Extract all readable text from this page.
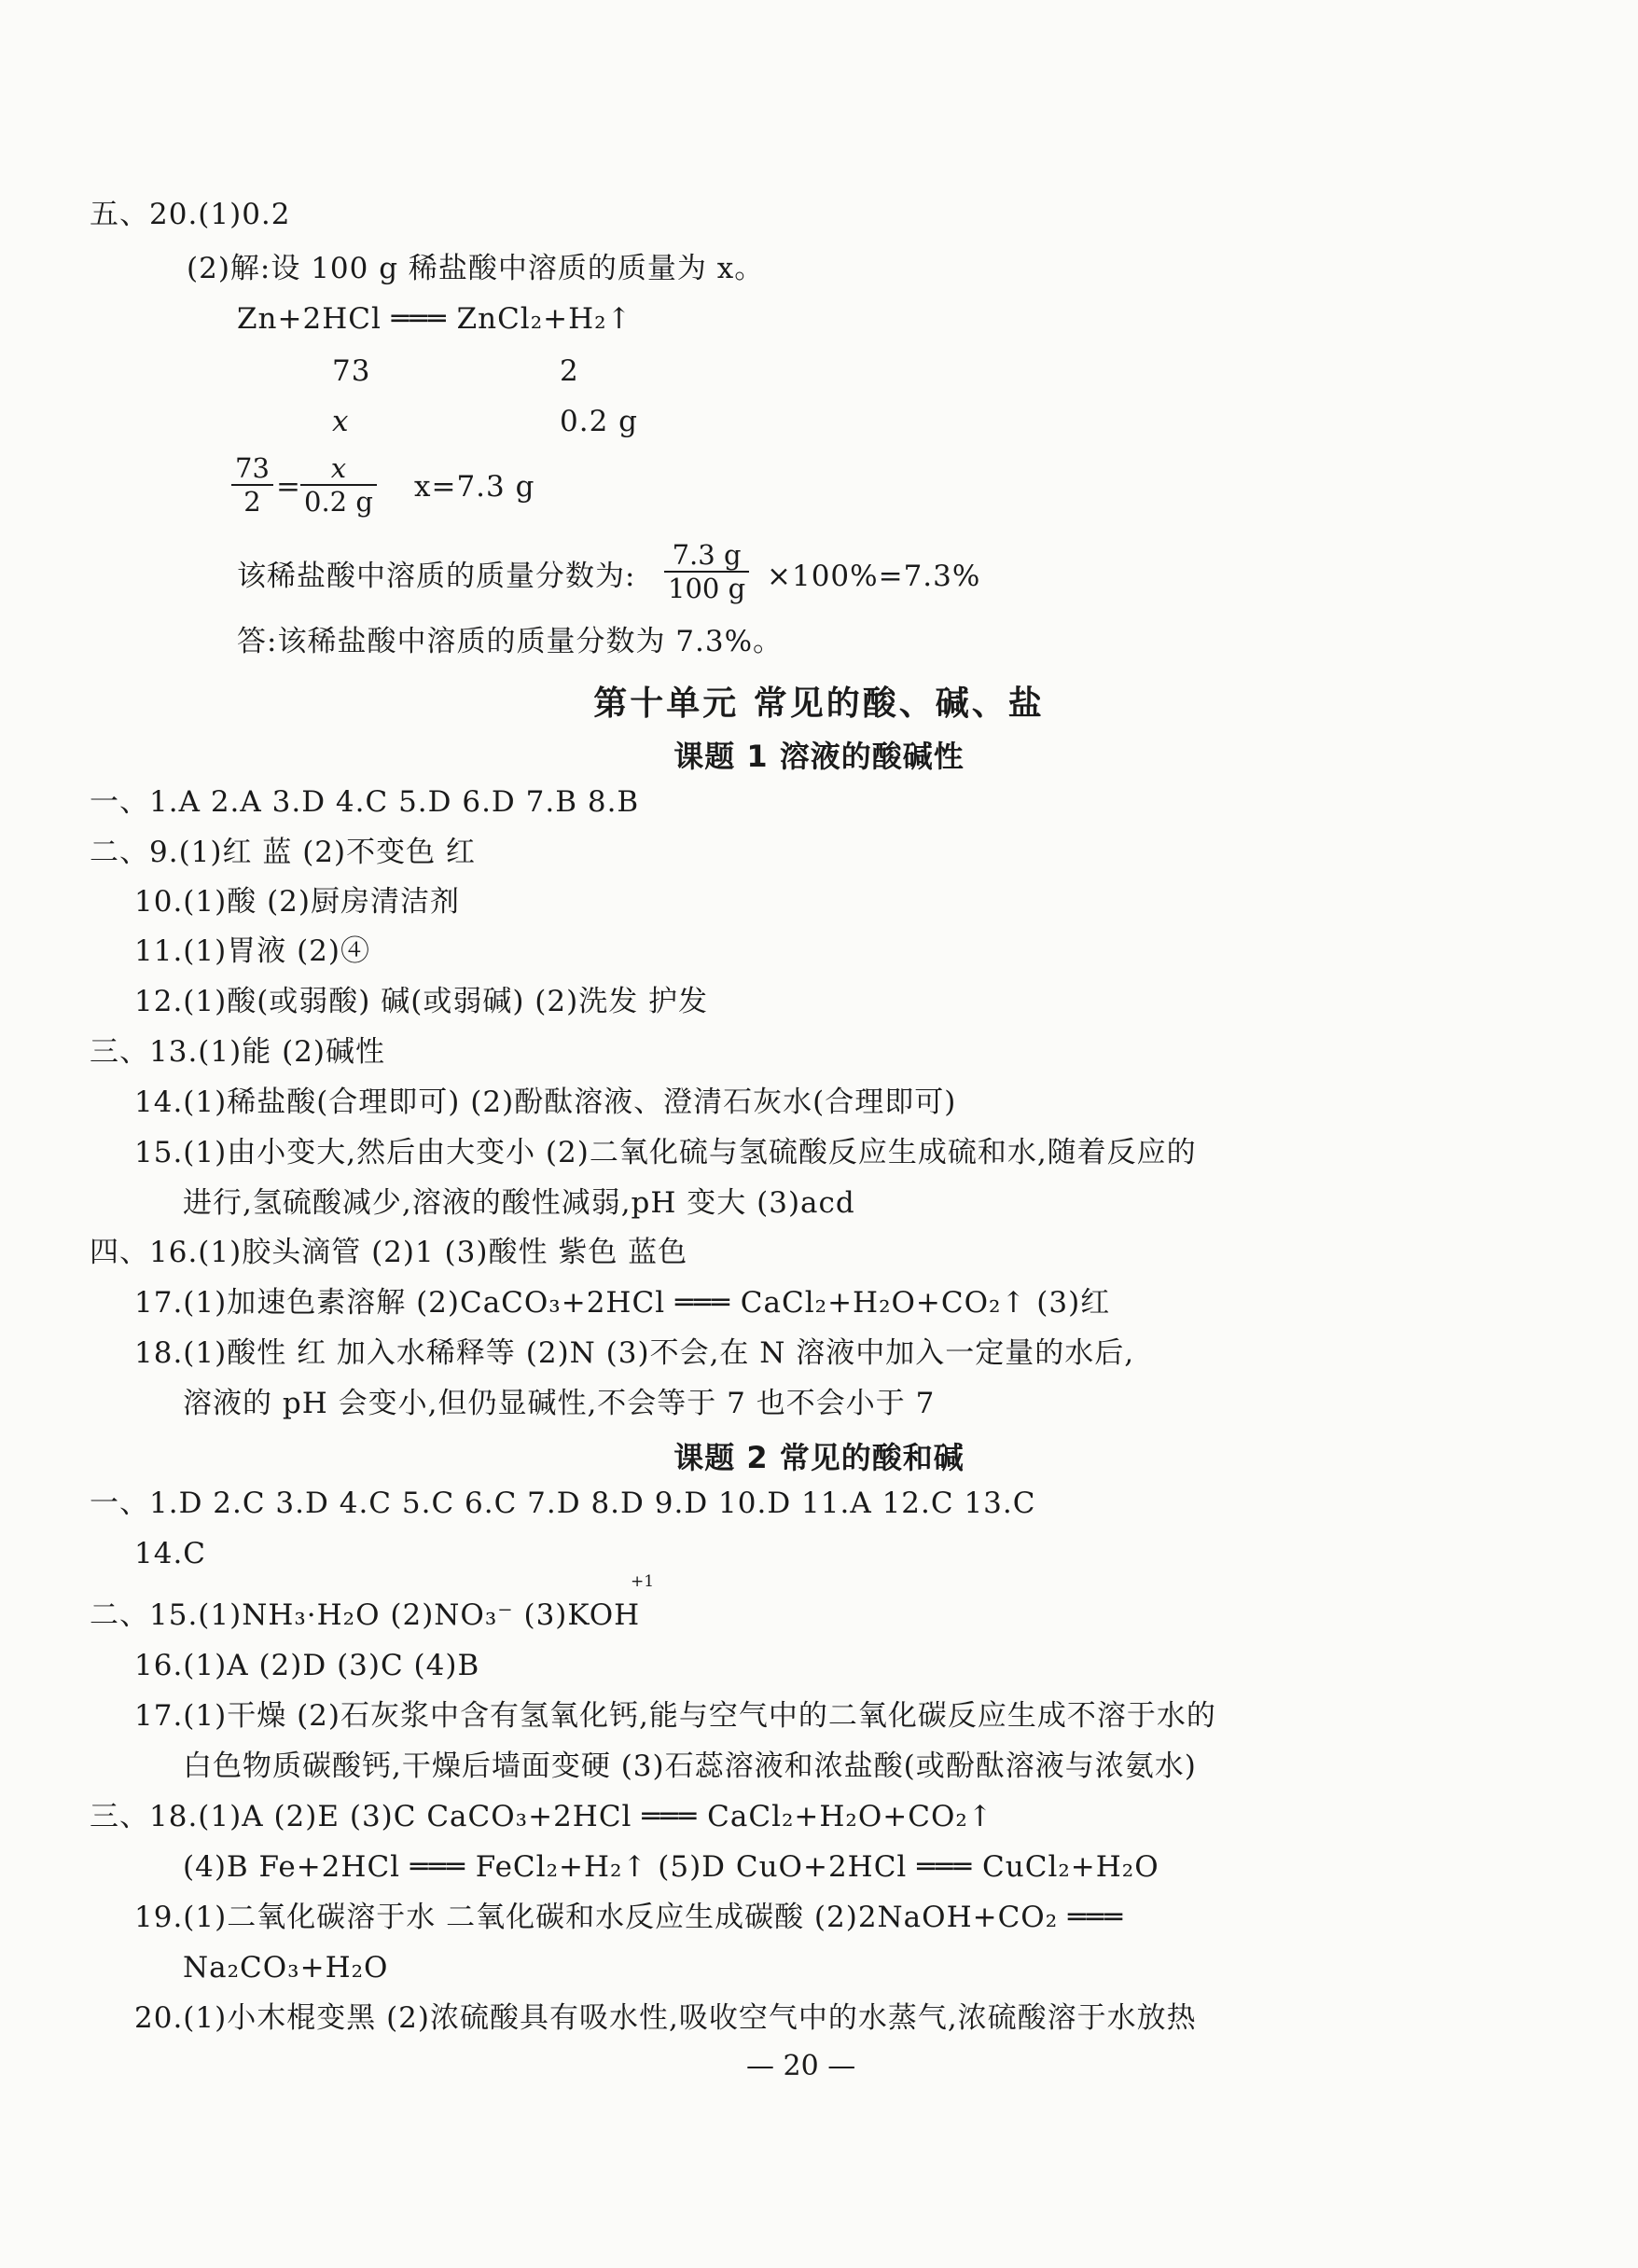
五、20.(1)0.2
(2)解:设 100 g 稀盐酸中溶质的质量为 x。
Zn+2HCl ═══ ZnCl₂+H₂↑
73	2
x	0.2 g
73
2 =
x
0.2 g x=7.3 g
该稀盐酸中溶质的质量分数为:
7.3 g
100 g ×100%=7.3%
答:该稀盐酸中溶质的质量分数为 7.3%。
第十单元 常见的酸、碱、盐
课题 1 溶液的酸碱性
一、1.A 2.A 3.D 4.C 5.D 6.D 7.B 8.B
二、9.(1)红 蓝 (2)不变色 红
10.(1)酸 (2)厨房清洁剂
11.(1)胃液 (2)④
12.(1)酸(或弱酸) 碱(或弱碱) (2)洗发 护发
三、13.(1)能 (2)碱性
14.(1)稀盐酸(合理即可) (2)酚酞溶液、澄清石灰水(合理即可)
15.(1)由小变大,然后由大变小 (2)二氧化硫与氢硫酸反应生成硫和水,随着反应的
进行,氢硫酸减少,溶液的酸性减弱,pH 变大 (3)acd
四、16.(1)胶头滴管 (2)1 (3)酸性 紫色 蓝色
17.(1)加速色素溶解 (2)CaCO₃+2HCl ═══ CaCl₂+H₂O+CO₂↑ (3)红
18.(1)酸性 红 加入水稀释等 (2)N (3)不会,在 N 溶液中加入一定量的水后,
溶液的 pH 会变小,但仍显碱性,不会等于 7 也不会小于 7
课题 2 常见的酸和碱
一、1.D 2.C 3.D 4.C 5.C 6.C 7.D 8.D 9.D 10.D 11.A 12.C 13.C
14.C
+1
二、15.(1)NH₃·H₂O (2)NO₃⁻ (3)KOH
16.(1)A (2)D (3)C (4)B
17.(1)干燥 (2)石灰浆中含有氢氧化钙,能与空气中的二氧化碳反应生成不溶于水的
白色物质碳酸钙,干燥后墙面变硬 (3)石蕊溶液和浓盐酸(或酚酞溶液与浓氨水)
三、18.(1)A (2)E (3)C CaCO₃+2HCl ═══ CaCl₂+H₂O+CO₂↑
(4)B Fe+2HCl ═══ FeCl₂+H₂↑ (5)D CuO+2HCl ═══ CuCl₂+H₂O
19.(1)二氧化碳溶于水 二氧化碳和水反应生成碳酸 (2)2NaOH+CO₂ ═══
Na₂CO₃+H₂O
20.(1)小木棍变黑 (2)浓硫酸具有吸水性,吸收空气中的水蒸气,浓硫酸溶于水放热
— 20 —
